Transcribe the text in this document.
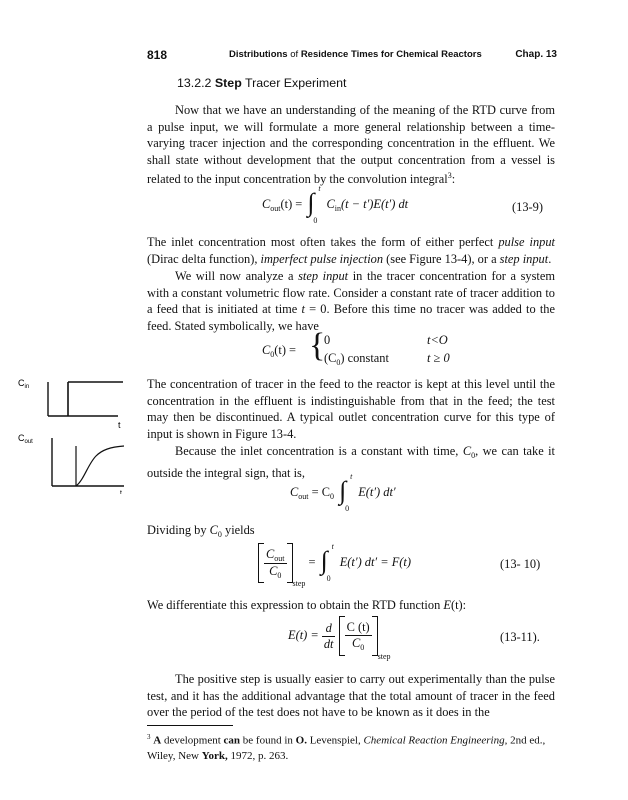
818	Distributions of Residence Times for Chemical Reactors	Chap. 13
13.2.2 Step Tracer Experiment

Now that we have an understanding of the meaning of the RTD curve from a pulse input, we will formulate a more general relationship between a time-varying tracer injection and the corresponding concentration in the effluent. We shall state without development that the output concentration from a vessel is related to the input concentration by the convolution integral$^3$:

$C_{out}(t)$ = ∫ t
0
$C_{in}(t - t')E(t')$ dt	(13-9)

The inlet concentration most often takes the form of either perfect pulse input (Dirac delta function), imperfect pulse injection (see Figure 13-4), or a step input.

We will now analyze a step input in the tracer concentration for a system with a constant volumetric flow rate. Consider a constant rate of tracer addition to a feed that is initiated at time t = 0. Before this time no tracer was added to the feed. Stated symbolically, we have

$C_0(t)$ = {
0	t<O
$(C_0)$ constant	t ≥ 0
$C_{in}$
$C_{out}$
t
t

The concentration of tracer in the feed to the reactor is kept at this level until the concentration in the effluent is indistinguishable from that in the feed; the test may then be discontinued. A typical outlet concentration curve for this type of input is shown in Figure 13-4.

Because the inlet concentration is a constant with time, $C_0$, we can take it outside the integral sign, that is,

$C_{out} = C_0$ ∫ t
0
E(t′) dt′

Dividing by $C_0$ yields

$\frac{C_{out}}{C_0}$
$_{step}$ = ∫ t
0
E(t′) dt′ = F(t)	(13- 10)

We differentiate this expression to obtain the RTD function E(t):

$E(t) = \frac{d}{dt}$
$\frac{C (t)}{C_0}$
$_{step}$
(13-11).

The positive step is usually easier to carry out experimentally than the pulse test, and it has the additional advantage that the total amount of tracer in the feed over the period of the test does not have to be known as it does in the

$^3$ A development can be found in O. Levenspiel, Chemical Reaction Engineering, 2nd ed., Wiley, New York, 1972, p. 263.
